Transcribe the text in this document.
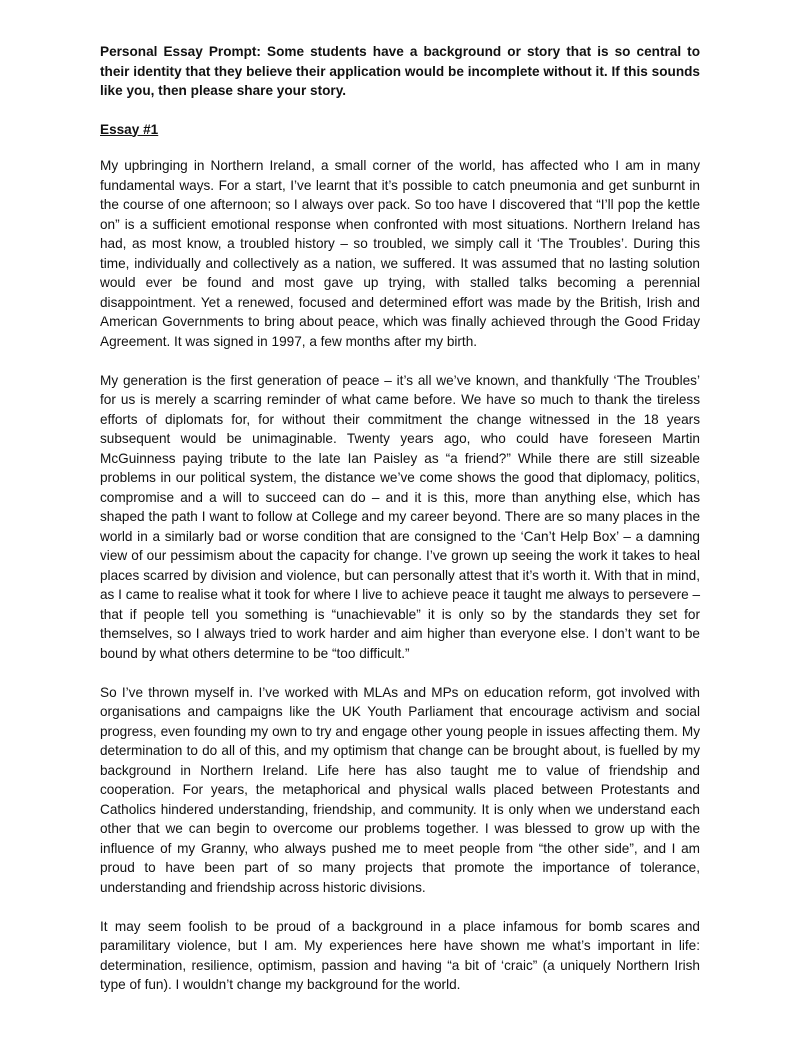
Personal Essay Prompt: Some students have a background or story that is so central to their identity that they believe their application would be incomplete without it. If this sounds like you, then please share your story.

Essay #1

My upbringing in Northern Ireland, a small corner of the world, has affected who I am in many fundamental ways. For a start, I’ve learnt that it’s possible to catch pneumonia and get sunburnt in the course of one afternoon; so I always over pack. So too have I discovered that “I’ll pop the kettle on” is a sufficient emotional response when confronted with most situations. Northern Ireland has had, as most know, a troubled history – so troubled, we simply call it ‘The Troubles’. During this time, individually and collectively as a nation, we suffered. It was assumed that no lasting solution would ever be found and most gave up trying, with stalled talks becoming a perennial disappointment. Yet a renewed, focused and determined effort was made by the British, Irish and American Governments to bring about peace, which was finally achieved through the Good Friday Agreement. It was signed in 1997, a few months after my birth.

My generation is the first generation of peace – it’s all we’ve known, and thankfully ‘The Troubles’ for us is merely a scarring reminder of what came before. We have so much to thank the tireless efforts of diplomats for, for without their commitment the change witnessed in the 18 years subsequent would be unimaginable. Twenty years ago, who could have foreseen Martin McGuinness paying tribute to the late Ian Paisley as “a friend?” While there are still sizeable problems in our political system, the distance we’ve come shows the good that diplomacy, politics, compromise and a will to succeed can do – and it is this, more than anything else, which has shaped the path I want to follow at College and my career beyond. There are so many places in the world in a similarly bad or worse condition that are consigned to the ‘Can’t Help Box’ – a damning view of our pessimism about the capacity for change. I’ve grown up seeing the work it takes to heal places scarred by division and violence, but can personally attest that it’s worth it. With that in mind, as I came to realise what it took for where I live to achieve peace it taught me always to persevere – that if people tell you something is “unachievable” it is only so by the standards they set for themselves, so I always tried to work harder and aim higher than everyone else. I don’t want to be bound by what others determine to be “too difficult.”

So I’ve thrown myself in. I’ve worked with MLAs and MPs on education reform, got involved with organisations and campaigns like the UK Youth Parliament that encourage activism and social progress, even founding my own to try and engage other young people in issues affecting them. My determination to do all of this, and my optimism that change can be brought about, is fuelled by my background in Northern Ireland. Life here has also taught me to value of friendship and cooperation. For years, the metaphorical and physical walls placed between Protestants and Catholics hindered understanding, friendship, and community. It is only when we understand each other that we can begin to overcome our problems together. I was blessed to grow up with the influence of my Granny, who always pushed me to meet people from “the other side”, and I am proud to have been part of so many projects that promote the importance of tolerance, understanding and friendship across historic divisions.

It may seem foolish to be proud of a background in a place infamous for bomb scares and paramilitary violence, but I am. My experiences here have shown me what’s important in life: determination, resilience, optimism, passion and having “a bit of ‘craic” (a uniquely Northern Irish type of fun). I wouldn’t change my background for the world.
